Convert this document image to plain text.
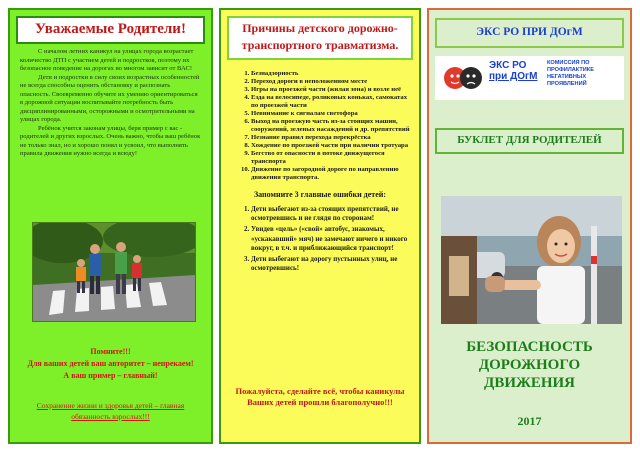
Уважаемые Родители!

С началом летних каникул на улицах города возрастает количество ДТП с участием детей и подростков, поэтому их безопасное поведение на дорогах во многом зависит от ВАС!

Дети и подростки в силу своих возрастных особенностей не всегда способны оценить обстановку и распознать опасность. Своевременно обучите их умению ориентироваться в дорожной ситуации воспитывайте потребность быть дисциплинированными, осторожными и осмотрительными на улицах города.

Ребёнок учится законам улицы, беря пример с вас - родителей и других взрослых. Очень важно, чтобы ваш ребёнок не только знал, но и хорошо понял и усвоил, что выполнять правила движения нужно всегда и всюду!

Помните!!!
Для ваших детей ваш авторитет – непрекаем!
А ваш пример – главный!
Сохранение жизни и здоровья детей – главная обязанность взрослых!!!
Причины детского дорожно-транспортного травматизма.
1. Безнадзорность
2. Переход дороги в неположенном месте
3. Игры на проезжей части (жилая зона) и возле неё
4. Езда на велосипеде, роликовых коньках, самокатах по проезжей части
5. Невнимание к сигналам светофора
6. Выход на проезжую часть из-за стоящих машин, сооружений, зеленых насаждений и др. препятствий
7. Незнание правил перехода перекрёстка
8. Хождение по проезжей части при наличии тротуара
9. Бегство от опасности в потоке движущегося транспорта
10. Движение по загородной дороге по направлению движения транспорта.
Запомните 3 главные ошибки детей:
1. Дети выбегают из-за стоящих препятствий, не осмотревшись и не глядя по сторонам!
2. Увидев «цель» («свой» автобус, знакомых, «ускакавший» мяч) не замечают ничего и никого вокруг, в т.ч. и приближающийся транспорт!
3. Дети выбегают на дорогу пустынных улиц, не осмотревшись!
Пожалуйста, сделайте всё, чтобы каникулы Ваших детей прошли благополучно!!!
ЭКС РО ПРИ ДОгМ
ЭКС РО
при ДОгМ
КОМИССИЯ ПО ПРОФИЛАКТИКЕ НЕГАТИВНЫХ ПРОЯВЛЕНИЙ
БУКЛЕТ ДЛЯ РОДИТЕЛЕЙ
БЕЗОПАСНОСТЬ ДОРОЖНОГО ДВИЖЕНИЯ
2017
